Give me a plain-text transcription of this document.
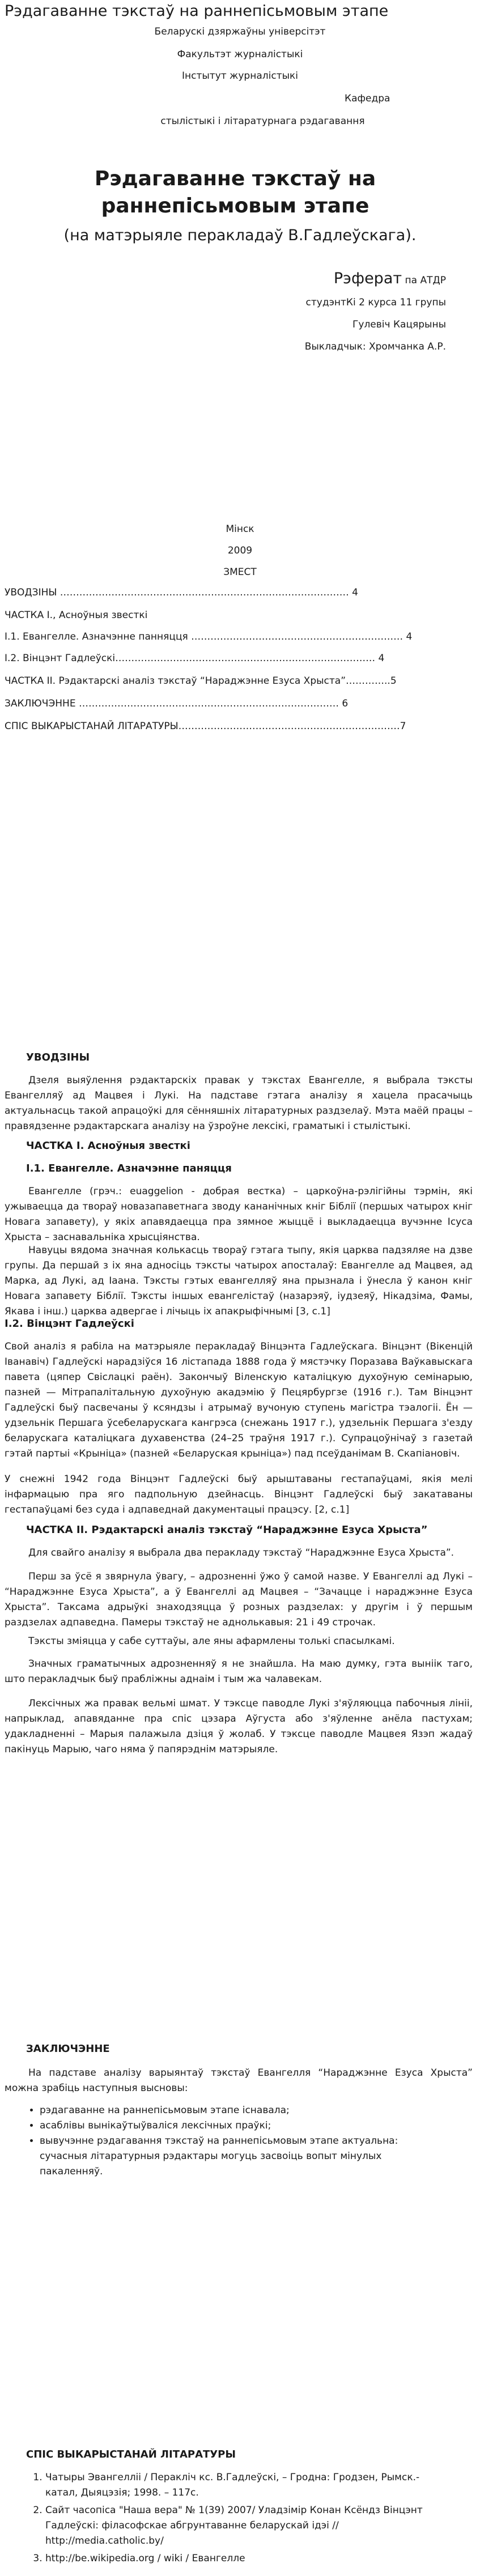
Рэдагаванне тэкстаў на раннепісьмовым этапе
Беларускі дзяржаўны універсітэт
Факультэт журналістыкі
Інстытут журналістыкі
Кафедра
стылістыкі і літаратурнага рэдагавання
Рэдагаванне тэкстаў на раннепісьмовым этапе
(на матэрыяле перакладаў В.Гадлеўскага).
Рэферат па АТДР
студэнтКі 2 курса 11 групы
Гулевіч Кацярыны
Выкладчык: Хромчанка А.Р.
Мінск
2009
ЗМЕСТ
УВОДЗІНЫ ……………………………………………………………………………… 4
ЧАСТКА І., Асноўныя звесткі
І.1. Евангелле. Азначэнне панняцця ………………………………………………………… 4
І.2. Вінцэнт Гадлеўскі……………………………………………………………………… 4
ЧАСТКА ІІ. Рэдактарскі аналіз тэкстаў “Нараджэнне Езуса Хрыста”…………..5
ЗАКЛЮЧЭННЕ ……………………………………………………………………… 6
СПІС ВЫКАРЫСТАНАЙ ЛІТАРАТУРЫ……………………………………………………………7
УВОДЗІНЫ

Дзеля выяўлення рэдактарскіх правак у тэкстах Евангелле, я выбрала тэксты Евангелляў ад Мацвея і Лукі. На падставе гэтага аналізу я хацела прасачыць актуальнасць такой апрацоўкі для сённяшніх літаратурных раздзелаў. Мэта маёй працы – правядзенне рэдактарскага аналізу на ўзроўне лексікі, граматыкі і стылістыкі.

ЧАСТКА І. Асноўныя звесткі
І.1. Евангелле. Азначэнне паняцця

Евангелле (грэч.: euaggelion - добрая вестка) – царкоўна-рэлігійны тэрмін, які ужываецца да твораў новазапаветнага зводу кананічных кніг Біблії (першых чатырох кніг Новага запавету), у якіх апавядаецца пра зямное жыццё і выкладаецца вучэнне Ісуса Хрыста – заснавальніка хрысціянства.

Навуцы вядома значная колькасць твораў гэтага тыпу, якія царква падзяляе на дзве групы. Да першай з іх яна адносіць тэксты чатырох апосталаў: Евангелле ад Мацвея, ад Марка, ад Лукі, ад Іаана. Тэксты гэтых евангелляў яна прызнала і ўнесла ў канон кніг Новага запавету Біблії. Тэксты іншых евангелістаў (назарэяў, іудзеяў, Нікадзіма, Фамы, Якава і інш.) царква адвергае і лічыць іх апакрыфічнымі [3, с.1]

І.2. Вінцэнт Гадлеўскі

Свой аналіз я рабіла на матэрыяле перакладаў Вінцэнта Гадлеўскага. Вінцэнт (Вікенцій Іванавіч) Гадлеўскі нарадзіўся 16 лістапада 1888 года ў мястэчку Поразава Ваўкавыскага павета (цяпер Свіслацкі раён). Закончыў Віленскую каталіцкую духоўную семінарыю, пазней — Мітрапалітальную духоўную акадэмію ў Пецярбургзе (1916 г.). Там Вінцэнт Гадлеўскі быў пасвечаны ў ксяндзы і атрымаў вучоную ступень магістра тэалогіі. Ён — удзельнік Першага ўсебеларускага кангрэса (снежань 1917 г.), удзельнік Першага з'езду беларускага каталіцкага духавенства (24–25 траўня 1917 г.). Супрацоўнічаў з газетай гэтай партыі «Крыніца» (пазней «Беларуская крыніца») пад псеўданімам В. Скапіановіч.

У снежні 1942 года Вінцэнт Гадлеўскі быў арыштаваны гестапаўцамі, якія мелі інфармацыю пра яго падпольную дзейнасць. Вінцэнт Гадлеўскі быў закатаваны гестапаўцамі без суда і адпаведнай дакументацыі працэсу. [2, с.1]

ЧАСТКА ІІ. Рэдактарскі аналіз тэкстаў “Нараджэнне Езуса Хрыста”

Для свайго аналізу я выбрала два перакладу тэкстаў “Нараджэнне Езуса Хрыста”.

Перш за ўсё я звярнула ўвагу, – адрозненні ўжо ў самой назве. У Евангеллі ад Лукі – “Нараджэнне Езуса Хрыста”, а ў Евангеллі ад Мацвея – “Зачацце і нараджэнне Езуса Хрыста”. Таксама адрыўкі знаходзяцца ў розных раздзелах: у другім і ў першым раздзелах адпаведна. Памеры тэкстаў не аднолькавыя: 21 і 49 строчак.

Тэксты зміяцца у сабе суттаўы, але яны афармлены толькі спасылкамі.

Значных граматычных адрозненняў я не знайшла. На маю думку, гэта выніік таго, што перакладчык быў прабліжны аднаім і тым жа чалавекам.

Лексічных жа правак вельмі шмат. У тэксце паводле Лукі з'яўляюцца пабочныя лініі, напрыклад, апавяданне пра спіс цэзара Аўгуста або з'яўленне анёла пастухам; удакладненні – Марыя палажыла дзіця ў жолаб. У тэксце паводле Мацвея Язэп жадаў пакінуць Марыю, чаго няма ў папярэднім матэрыяле.

ЗАКЛЮЧЭННЕ

На падставе аналізу варыянтаў тэкстаў Евангелля “Нараджэнне Езуса Хрыста” можна зрабіць наступныя высновы:

• рэдагаванне на раннепісьмовым этапе існавала;
• асаблівы вынікаўтыўваліся лексічных праўкі;
• вывучэнне рэдагавання тэкстаў на раннепісьмовым этапе актуальна: сучасныя літаратурныя рэдактары могуць засвоіць вопыт мінулых пакаленняў.
СПІС ВЫКАРЫСТАНАЙ ЛІТАРАТУРЫ
1. Чатыры Эвангелліі / Пераклiч кс. В.Гадлеўскі, – Гродна: Гродзен, Рымск.-катал, Дыяцэзія; 1998. – 117с.
2. Сайт часопіса "Наша вера" № 1(39) 2007/ Уладзімір Конан Ксёндз Вінцэнт Гадлеўскі: філасофскае абгрунтаванне беларускай ідэі // http://media.catholic.by/
3. http://be.wikipedia.org / wiki / Евангелле
